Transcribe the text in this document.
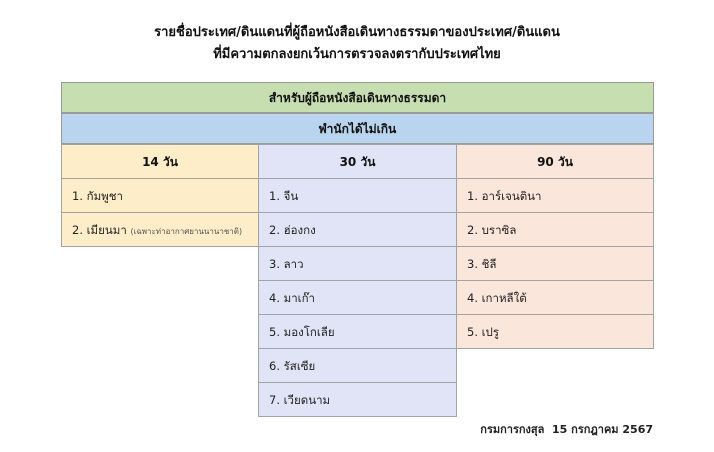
รายชื่อประเทศ/ดินแดนที่ผู้ถือหนังสือเดินทางธรรมดาของประเทศ/ดินแดน
ที่มีความตกลงยกเว้นการตรวจลงตรากับประเทศไทย
สำหรับผู้ถือหนังสือเดินทางธรรมดา
พำนักได้ไม่เกิน
14 วัน
1. กัมพูชา
2. เมียนมา (เฉพาะท่าอากาศยานนานาชาติ)
30 วัน
1. จีน
2. ฮ่องกง
3. ลาว
4. มาเก๊า
5. มองโกเลีย
6. รัสเซีย
7. เวียดนาม
90 วัน
1. อาร์เจนตินา
2. บราซิล
3. ชิลี
4. เกาหลีใต้
5. เปรู
กรมการกงสุล 15 กรกฎาคม 2567
